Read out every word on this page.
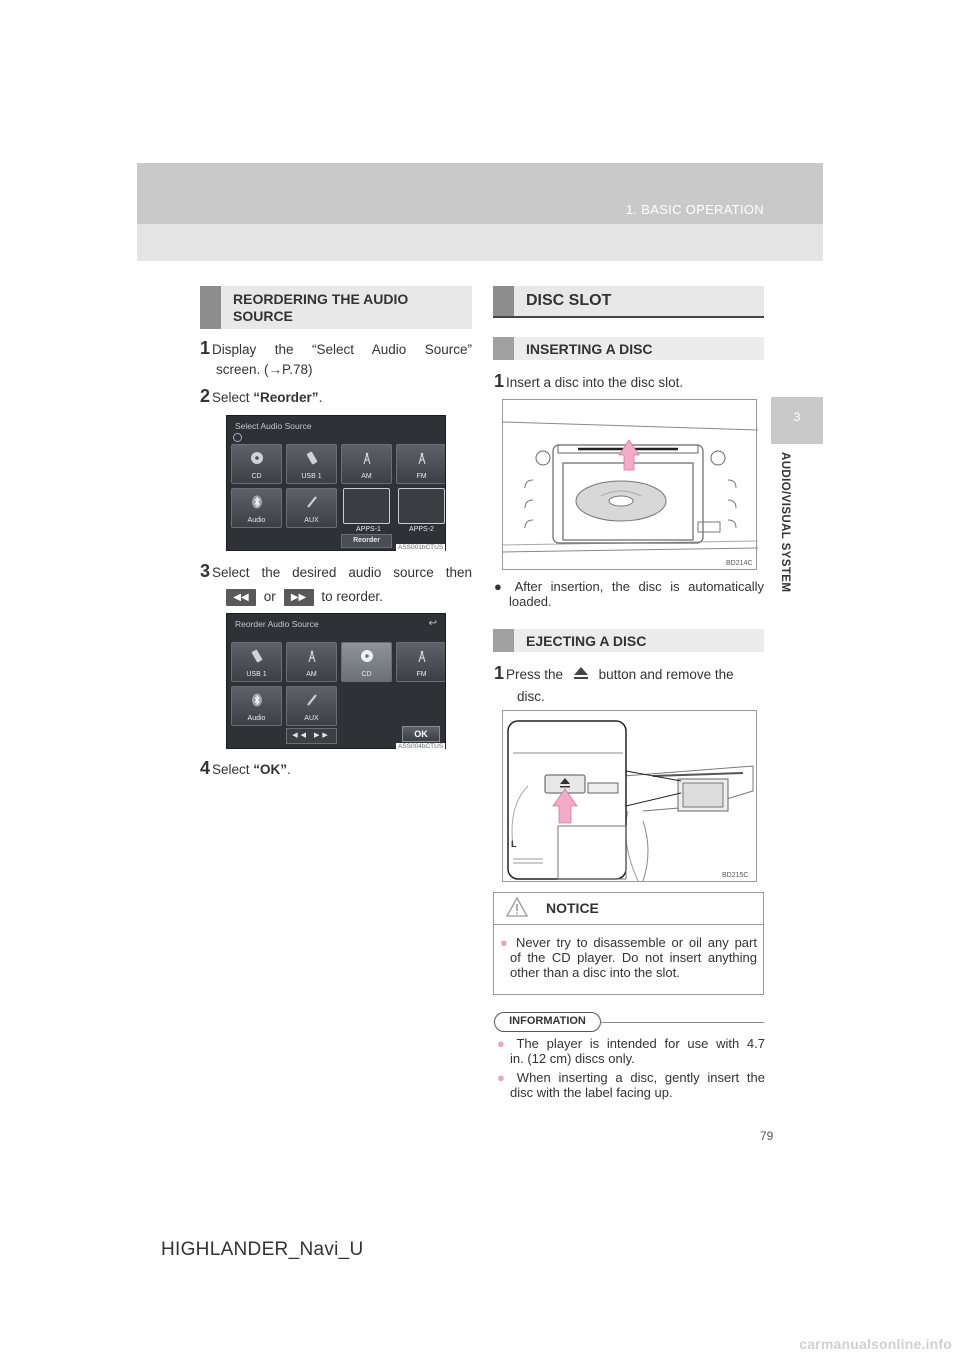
1. BASIC OPERATION
3
AUDIO/VISUAL SYSTEM
REORDERING THE AUDIO
SOURCE
1 Display the “Select Audio Source”
screen. (→P.78)
2 Select “Reorder”.
Select Audio Source
CD	USB 1	AM	FM
Audio	AUX
APPS-1	APPS-2
Reorder
ASS001bCTUS
3 Select the desired audio source then
◀◀ or ▶▶ to reorder.
Reorder Audio Source	↩
USB 1	AM	CD	FM
Audio	AUX
◀◀ ▶▶	OK
ASS004bCTUS
4 Select “OK”.
DISC SLOT
INSERTING A DISC
1 Insert a disc into the disc slot.
BD214C
● After insertion, the disc is automatically
loaded.
EJECTING A DISC
1 Press the	button and remove the
disc.
L
BD215C
NOTICE
● Never try to disassemble or oil any part
of the CD player. Do not insert anything
other than a disc into the slot.
INFORMATION
● The player is intended for use with 4.7
in. (12 cm) discs only.
● When inserting a disc, gently insert the
disc with the label facing up.
79
HIGHLANDER_Navi_U
carmanualsonline.info
